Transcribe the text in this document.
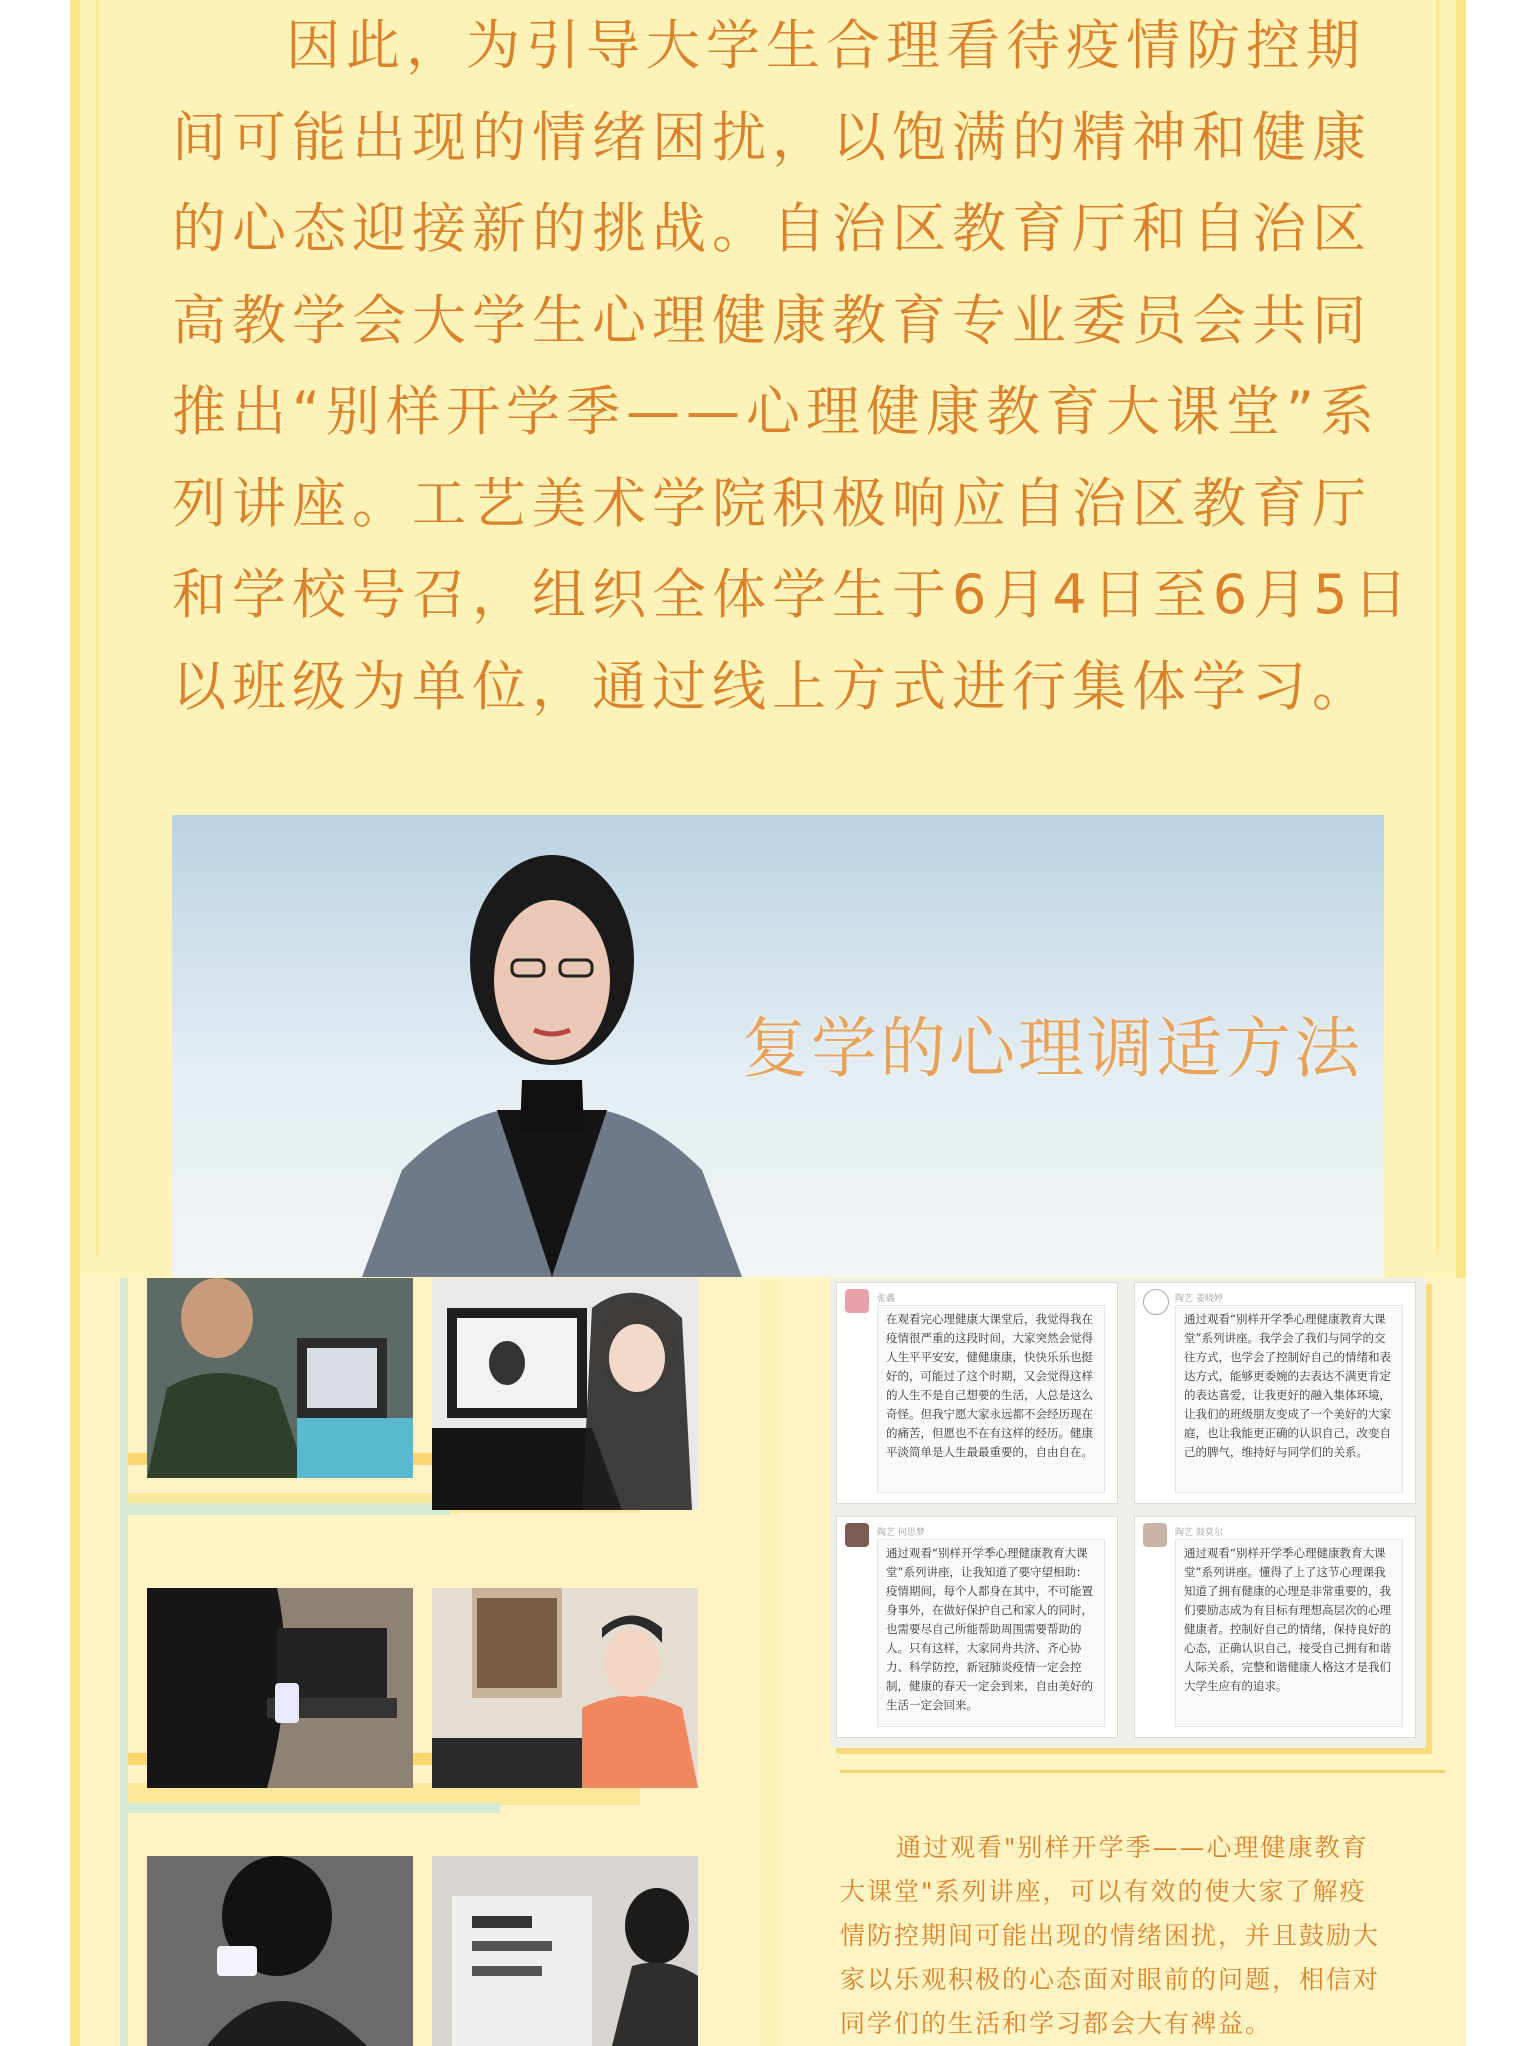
因此，为引导大学生合理看待疫情防控期
间可能出现的情绪困扰，以饱满的精神和健康
的心态迎接新的挑战。自治区教育厅和自治区
高教学会大学生心理健康教育专业委员会共同
推出“别样开学季——心理健康教育大课堂”系
列讲座。工艺美术学院积极响应自治区教育厅
和学校号召，组织全体学生于6月4日至6月5日
以班级为单位，通过线上方式进行集体学习。
复学的心理调适方法
张鑫
在观看完心理健康大课堂后，我觉得我在疫情很严重的这段时间，大家突然会觉得人生平平安安，健健康康，快快乐乐也挺好的，可能过了这个时期，又会觉得这样的人生不是自己想要的生活，人总是这么奇怪。但我宁愿大家永远都不会经历现在的痛苦，但愿也不在有这样的经历。健康平淡简单是人生最最重要的，自由自在。
陶艺 姜晓婷
通过观看“别样开学季心理健康教育大课堂”系列讲座。我学会了我们与同学的交往方式，也学会了控制好自己的情绪和表达方式，能够更委婉的去表达不满更肯定的表达喜爱，让我更好的融入集体环境，让我们的班级朋友变成了一个美好的大家庭，也让我能更正确的认识自己，改变自己的脾气，维持好与同学们的关系。
陶艺 何思梦
通过观看“别样开学季心理健康教育大课堂”系列讲座，让我知道了要守望相助：疫情期间，每个人都身在其中，不可能置身事外，在做好保护自己和家人的同时，也需要尽自己所能帮助周围需要帮助的人。只有这样，大家同舟共济、齐心协力、科学防控，新冠肺炎疫情一定会控制，健康的春天一定会到来，自由美好的生活一定会回来。
陶艺 鼓莫尔
通过观看“别样开学季心理健康教育大课堂”系列讲座。懂得了上了这节心理课我知道了拥有健康的心理是非常重要的，我们要励志成为有目标有理想高层次的心理健康者。控制好自己的情绪，保持良好的心态，正确认识自己，接受自己拥有和谐人际关系，完整和谐健康人格这才是我们大学生应有的追求。
通过观看"别样开学季——心理健康教育
大课堂"系列讲座，可以有效的使大家了解疫
情防控期间可能出现的情绪困扰，并且鼓励大
家以乐观积极的心态面对眼前的问题，相信对
同学们的生活和学习都会大有裨益。
